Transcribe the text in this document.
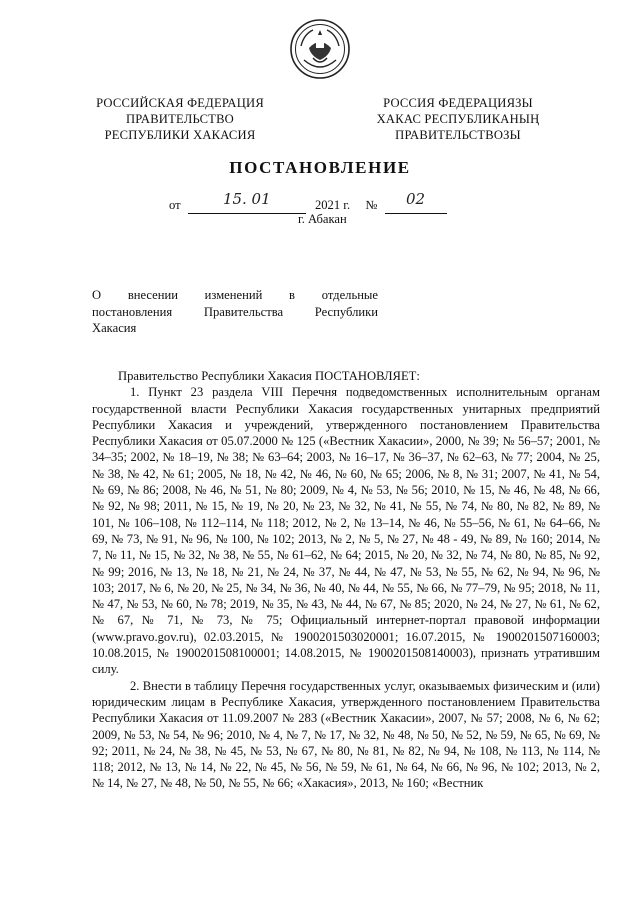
РОССИЙСКАЯ ФЕДЕРАЦИЯ
ПРАВИТЕЛЬСТВО
РЕСПУБЛИКИ ХАКАСИЯ
РОССИЯ ФЕДЕРАЦИЯЗЫ
ХАКАС РЕСПУБЛИКАНЫҢ
ПРАВИТЕЛЬСТВОЗЫ
ПОСТАНОВЛЕНИЕ
от	15. 01	2021 г. № 02
г. Абакан
О внесении изменений в отдельные
постановления Правительства Республики
Хакасия

Правительство Республики Хакасия ПОСТАНОВЛЯЕТ:

1. Пункт 23 раздела VIII Перечня подведомственных исполнительным органам государственной власти Республики Хакасия государственных унитарных предприятий Республики Хакасия и учреждений, утвержденного постановлением Правительства Республики Хакасия от 05.07.2000 № 125 («Вестник Хакасии», 2000, № 39; № 56–57; 2001, № 34–35; 2002, № 18–19, № 38; № 63–64; 2003, № 16–17, № 36–37, № 62–63, № 77; 2004, № 25, № 38, № 42, № 61; 2005, № 18, № 42, № 46, № 60, № 65; 2006, № 8, № 31; 2007, № 41, № 54, № 69, № 86; 2008, № 46, № 51, № 80; 2009, № 4, № 53, № 56; 2010, № 15, № 46, № 48, № 66, № 92, № 98; 2011, № 15, № 19, № 20, № 23, № 32, № 41, № 55, № 74, № 80, № 82, № 89, № 101, № 106–108, № 112–114, № 118; 2012, № 2, № 13–14, № 46, № 55–56, № 61, № 64–66, № 69, № 73, № 91, № 96, № 100, № 102; 2013, № 2, № 5, № 27, № 48 - 49, № 89, № 160; 2014, № 7, № 11, № 15, № 32, № 38, № 55, № 61–62, № 64; 2015, № 20, № 32, № 74, № 80, № 85, № 92, № 99; 2016, № 13, № 18, № 21, № 24, № 37, № 44, № 47, № 53, № 55, № 62, № 94, № 96, № 103; 2017, № 6, № 20, № 25, № 34, № 36, № 40, № 44, № 55, № 66, № 77–79, № 95; 2018, № 11, № 47, № 53, № 60, № 78; 2019, № 35, № 43, № 44, № 67, № 85; 2020, № 24, № 27, № 61, № 62, № 67, № 71, № 73, № 75; Официальный интернет-портал правовой информации (www.pravo.gov.ru), 02.03.2015, № 1900201503020001; 16.07.2015, № 1900201507160003; 10.08.2015, № 1900201508100001; 14.08.2015, № 1900201508140003), признать утратившим силу.

2. Внести в таблицу Перечня государственных услуг, оказываемых физическим и (или) юридическим лицам в Республике Хакасия, утвержденного постановлением Правительства Республики Хакасия от 11.09.2007 № 283 («Вестник Хакасии», 2007, № 57; 2008, № 6, № 62; 2009, № 53, № 54, № 96; 2010, № 4, № 7, № 17, № 32, № 48, № 50, № 52, № 59, № 65, № 69, № 92; 2011, № 24, № 38, № 45, № 53, № 67, № 80, № 81, № 82, № 94, № 108, № 113, № 114, № 118; 2012, № 13, № 14, № 22, № 45, № 56, № 59, № 61, № 64, № 66, № 96, № 102; 2013, № 2, № 14, № 27, № 48, № 50, № 55, № 66; «Хакасия», 2013, № 160; «Вестник
